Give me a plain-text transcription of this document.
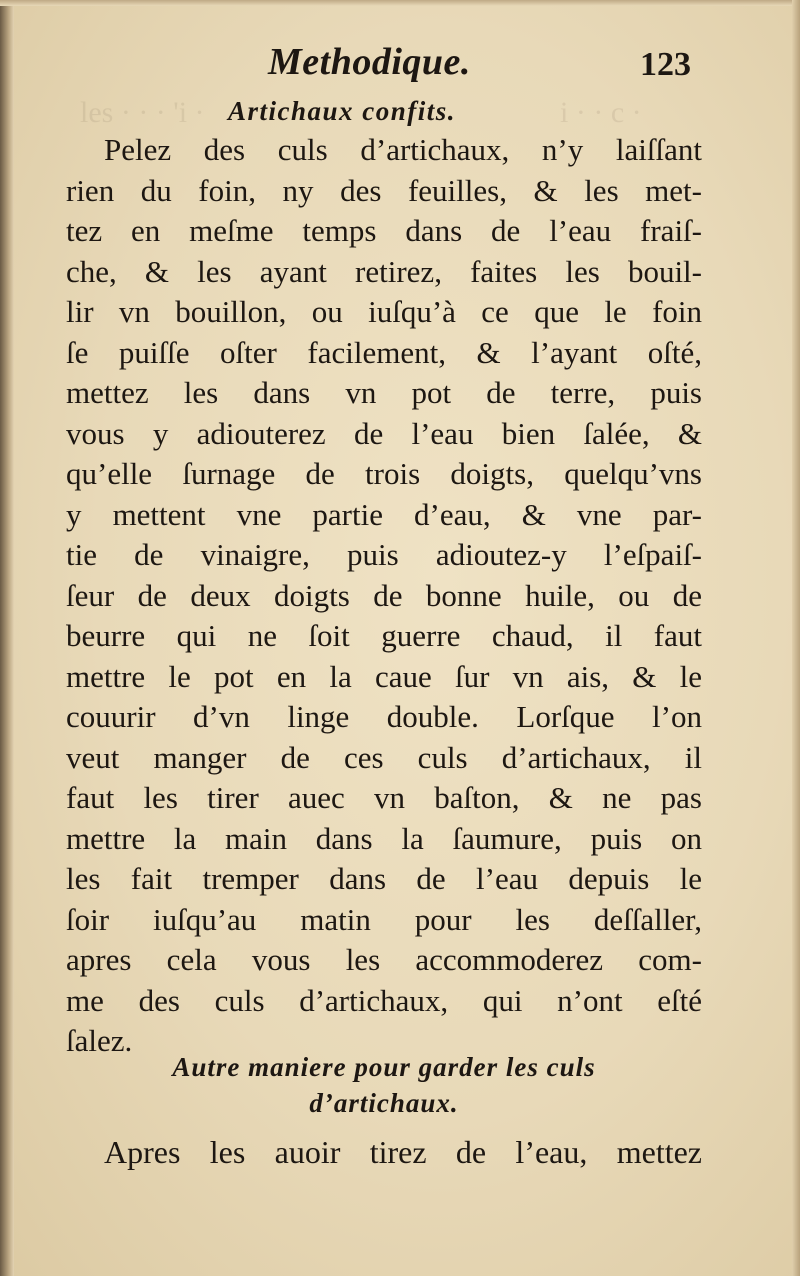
les · · · 'i ·	i · · c ·
Methodique.	123
Artichaux confits.
Pelez des culs d’artichaux, n’y laiſſant
rien du foin, ny des feuilles, & les met-
tez en meſme temps dans de l’eau fraiſ-
che, & les ayant retirez, faites les bouil-
lir vn bouillon, ou iuſqu’à ce que le foin
ſe puiſſe oſter facilement, & l’ayant oſté,
mettez les dans vn pot de terre, puis
vous y adiouterez de l’eau bien ſalée, &
qu’elle ſurnage de trois doigts, quelqu’vns
y mettent vne partie d’eau, & vne par-
tie de vinaigre, puis adioutez-y l’eſpaiſ-
ſeur de deux doigts de bonne huile, ou de
beurre qui ne ſoit guerre chaud, il faut
mettre le pot en la caue ſur vn ais, & le
couurir d’vn linge double. Lorſque l’on
veut manger de ces culs d’artichaux, il
faut les tirer auec vn baſton, & ne pas
mettre la main dans la ſaumure, puis on
les fait tremper dans de l’eau depuis le
ſoir iuſqu’au matin pour les deſſaller,
apres cela vous les accommoderez com-
me des culs d’artichaux, qui n’ont eſté
ſalez.
Autre maniere pour garder les culs
d’artichaux.
Apres les auoir tirez de l’eau, mettez
